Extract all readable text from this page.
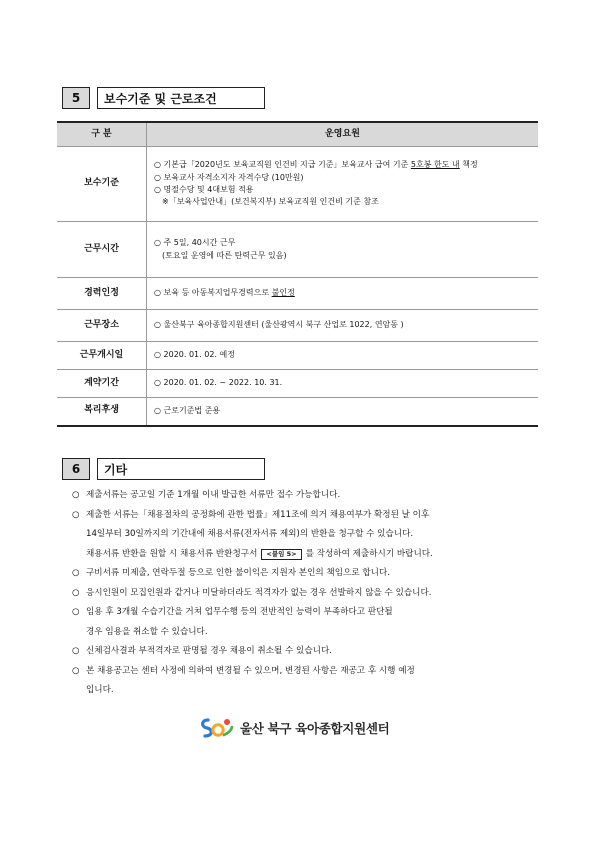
5	보수기준 및 근로조건
구 분	운영요원
보수기준	○ 기본급「2020년도 보육교직원 인건비 지급 기준」보육교사 급여 기준 5호봉 한도 내 책정
○ 보육교사 자격소지자 자격수당 (10만원)
○ 명절수당 및 4대보험 적용
※「보육사업안내」(보건복지부) 보육교직원 인건비 기준 참조

근무시간	○ 주 5일, 40시간 근무
(토요일 운영에 따른 탄력근무 있음)

경력인정	○ 보육 등 아동복지업무경력으로 불인정

근무장소	○ 울산북구 육아종합지원센터 (울산광역시 북구 산업로 1022, 연암동 )

근무개시일	○ 2020. 01. 02. 예정

계약기간	○ 2020. 01. 02. ~ 2022. 10. 31.

복리후생	○ 근로기준법 준용
6	기타
○ 제출서류는 공고일 기준 1개월 이내 발급한 서류만 접수 가능합니다.
○ 제출한 서류는「채용절차의 공정화에 관한 법률」제11조에 의거 채용여부가 확정된 날 이후
14일부터 30일까지의 기간내에 채용서류(전자서류 제외)의 반환을 청구할 수 있습니다.
채용서류 반환을 원할 시 채용서류 반환청구서 <붙임 5> 를 작성하여 제출하시기 바랍니다.
○ 구비서류 미제출, 연락두절 등으로 인한 불이익은 지원자 본인의 책임으로 합니다.
○ 응시인원이 모집인원과 같거나 미달하더라도 적격자가 없는 경우 선발하지 않을 수 있습니다.
○ 임용 후 3개월 수습기간을 거쳐 업무수행 등의 전반적인 능력이 부족하다고 판단될
경우 임용을 취소할 수 있습니다.
○ 신체검사결과 부적격자로 판명될 경우 채용이 취소될 수 있습니다.
○ 본 채용공고는 센터 사정에 의하여 변경될 수 있으며, 변경된 사항은 재공고 후 시행 예정
입니다.
울산 북구 육아종합지원센터
